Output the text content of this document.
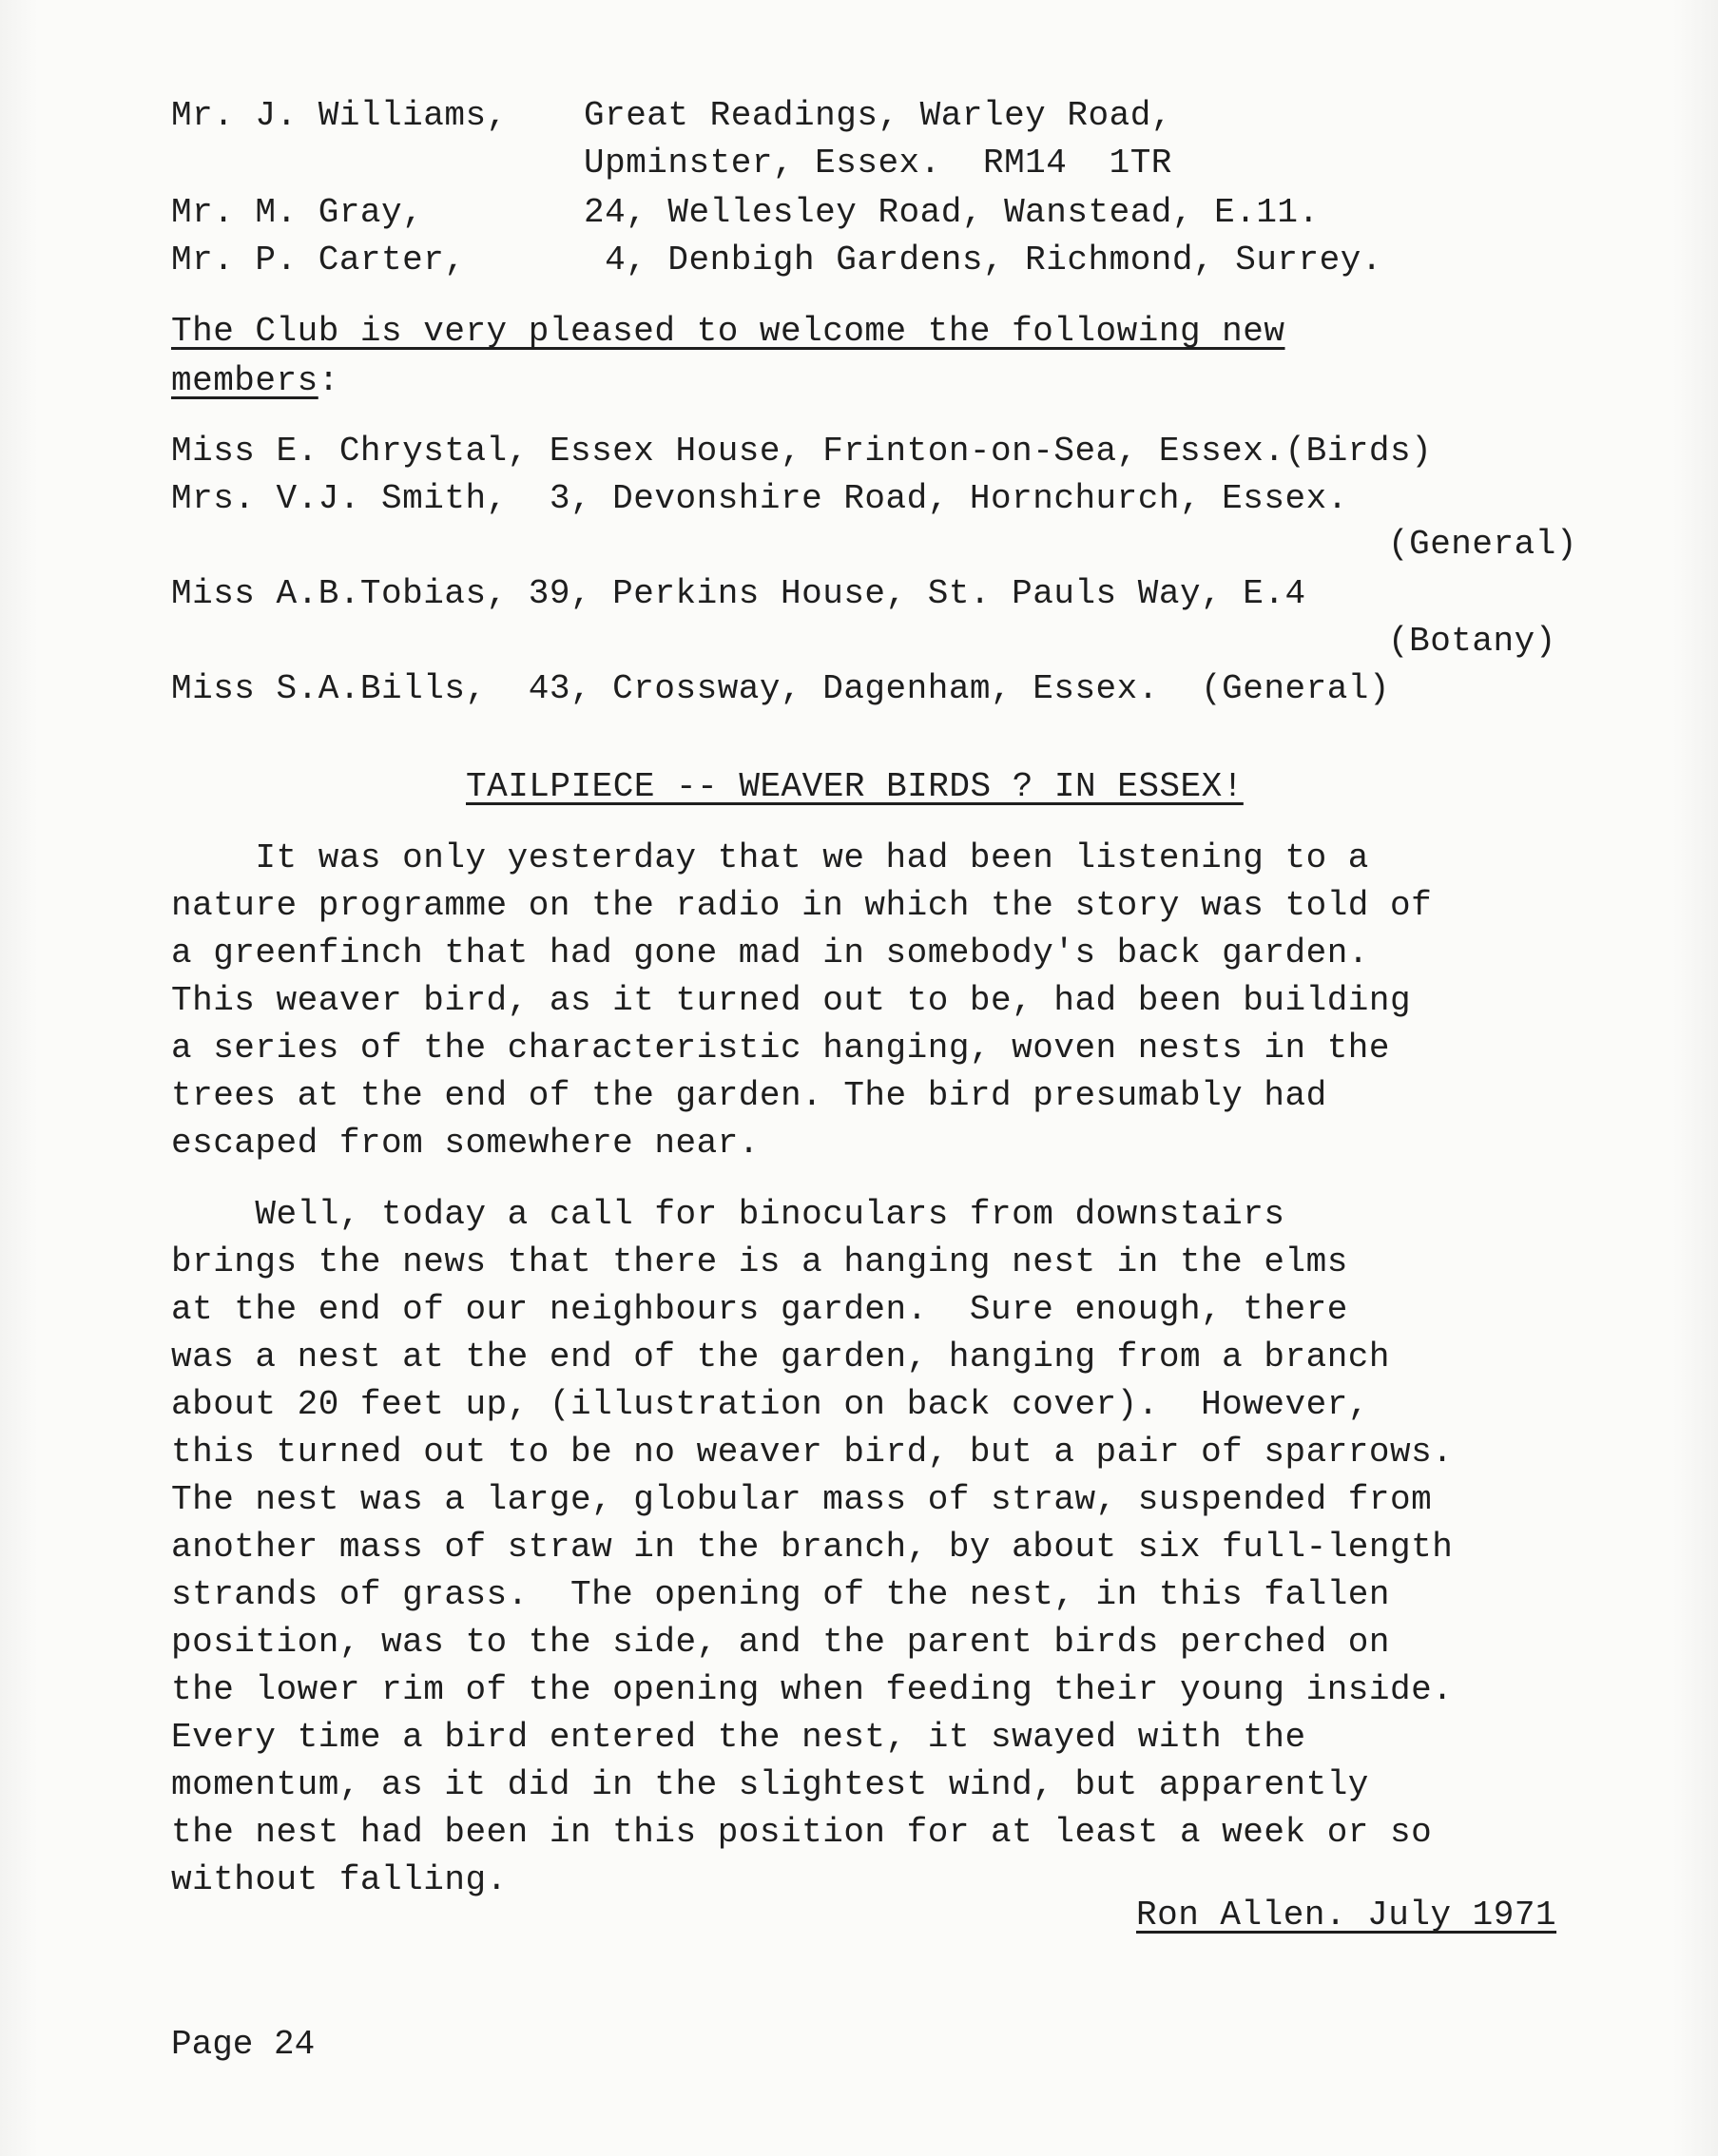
Mr. J. Williams, Great Readings, Warley Road,
Upminster, Essex.  RM14  1TR
Mr. M. Gray,	24, Wellesley Road, Wanstead, E.11.
Mr. P. Carter,	4, Denbigh Gardens, Richmond, Surrey.
The Club is very pleased to welcome the following new
members:
Miss E. Chrystal, Essex House, Frinton-on-Sea, Essex.(Birds)
Mrs. V.J. Smith,  3, Devonshire Road, Hornchurch, Essex.
(General)
Miss A.B.Tobias, 39, Perkins House, St. Pauls Way, E.4
(Botany)
Miss S.A.Bills,  43, Crossway, Dagenham, Essex.  (General)
TAILPIECE -- WEAVER BIRDS ? IN ESSEX!
It was only yesterday that we had been listening to a
nature programme on the radio in which the story was told of
a greenfinch that had gone mad in somebody's back garden.
This weaver bird, as it turned out to be, had been building
a series of the characteristic hanging, woven nests in the
trees at the end of the garden. The bird presumably had
escaped from somewhere near.
Well, today a call for binoculars from downstairs
brings the news that there is a hanging nest in the elms
at the end of our neighbours garden.  Sure enough, there
was a nest at the end of the garden, hanging from a branch
about 20 feet up, (illustration on back cover).  However,
this turned out to be no weaver bird, but a pair of sparrows.
The nest was a large, globular mass of straw, suspended from
another mass of straw in the branch, by about six full-length
strands of grass.  The opening of the nest, in this fallen
position, was to the side, and the parent birds perched on
the lower rim of the opening when feeding their young inside.
Every time a bird entered the nest, it swayed with the
momentum, as it did in the slightest wind, but apparently
the nest had been in this position for at least a week or so
without falling.
Ron Allen. July 1971
Page 24
